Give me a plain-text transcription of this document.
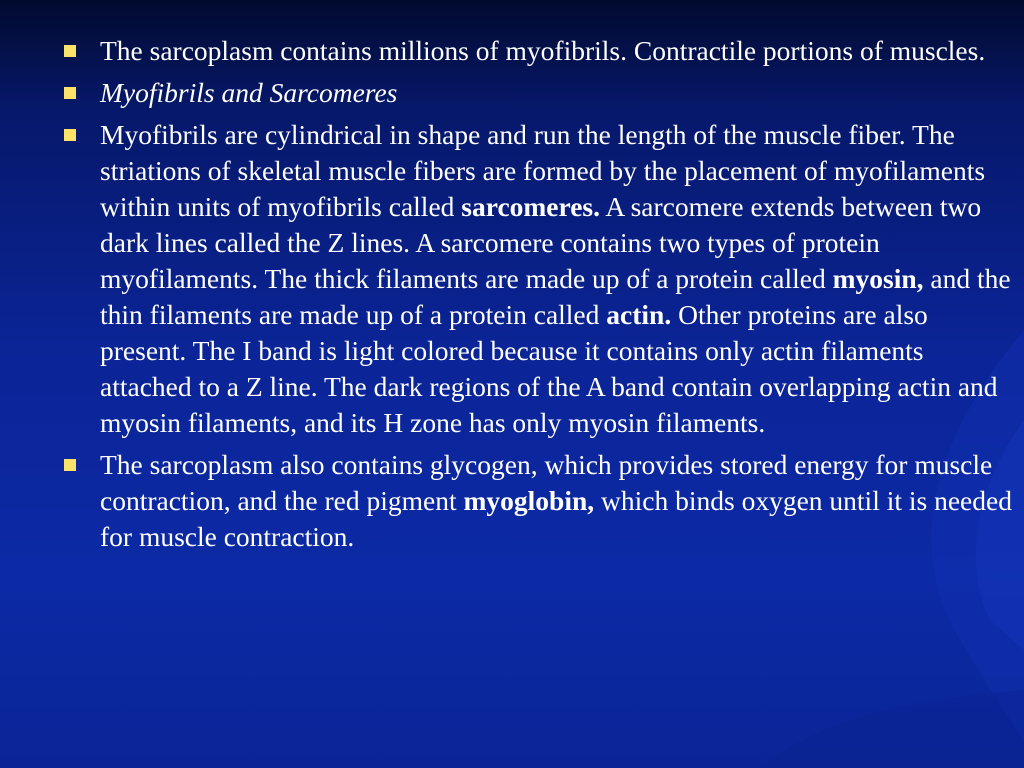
The sarcoplasm contains millions of myofibrils. Contractile portions of muscles.
Myofibrils and Sarcomeres
Myofibrils are cylindrical in shape and run the length of the muscle fiber. The striations of skeletal muscle fibers are formed by the placement of myofilaments within units of myofibrils called sarcomeres. A sarcomere extends between two dark lines called the Z lines. A sarcomere contains two types of protein myofilaments. The thick filaments are made up of a protein called myosin, and the thin filaments are made up of a protein called actin. Other proteins are also present. The I band is light colored because it contains only actin filaments attached to a Z line. The dark regions of the A band contain overlapping actin and myosin filaments, and its H zone has only myosin filaments.
The sarcoplasm also contains glycogen, which provides stored energy for muscle contraction, and the red pigment myoglobin, which binds oxygen until it is needed for muscle contraction.
